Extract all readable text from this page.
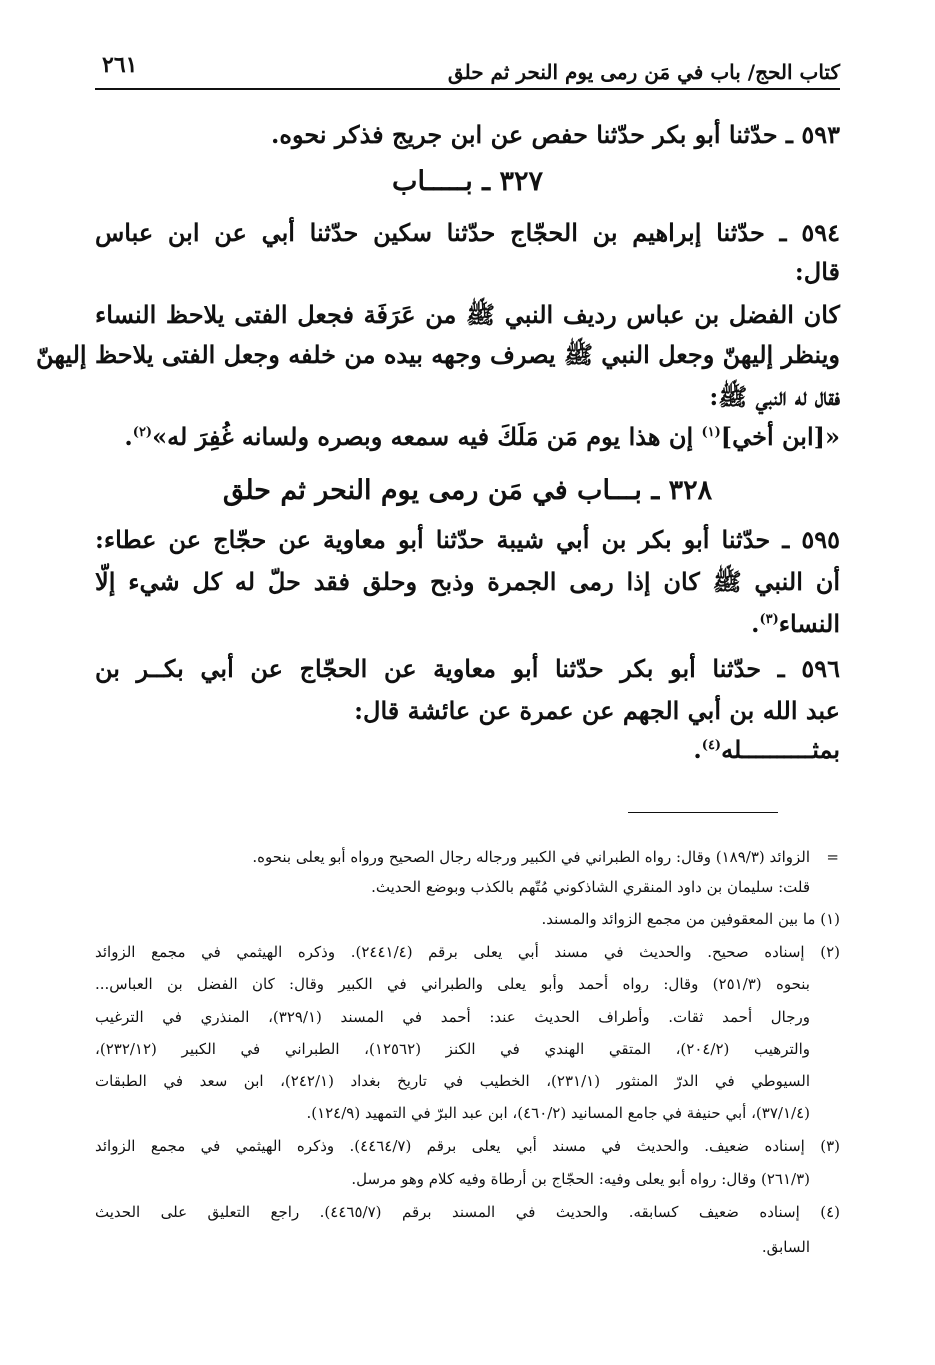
كتاب الحج/ باب في مَن رمى يوم النحر ثم حلق
٢٦١
٥٩٣ ـ حدّثنا أبو بكر حدّثنا حفص عن ابن جريج فذكر نحوه.
٣٢٧ ـ بـــــاب
٥٩٤ ـ حدّثنا إبراهيم بن الحجّاج حدّثنا سكين حدّثنا أبي عن ابن عباس
قال:
كان الفضل بن عباس رديف النبي ﷺ من عَرَفَة فجعل الفتى يلاحظ النساء
وينظر إليهنّ وجعل النبي ﷺ يصرف وجهه بيده من خلفه وجعل الفتى يلاحظ إليهنّ
فقال له النبي ﷺ:
«[ابن أخي]$^{(١)}$ إن هذا يوم مَن مَلَكَ فيه سمعه وبصره ولسانه غُفِرَ له»$^{(٢)}$.
٣٢٨ ـ بـــاب في مَن رمى يوم النحر ثم حلق
٥٩٥ ـ حدّثنا أبو بكر بن أبي شيبة حدّثنا أبو معاوية عن حجّاج عن عطاء:
أن النبي ﷺ كان إذا رمى الجمرة وذبح وحلق فقد حلّ له كل شيء إلّا
النساء$^{(٣)}$.
٥٩٦ ـ حدّثنا أبو بكر حدّثنا أبو معاوية عن الحجّاج عن أبي بكــر بن
عبد الله بن أبي الجهم عن عمرة عن عائشة قال:
بمثــــــــــله$^{(٤)}$.
=
الزوائد (١٨٩/٣) وقال: رواه الطبراني في الكبير ورجاله رجال الصحيح ورواه أبو يعلى بنحوه.
قلت: سليمان بن داود المنقري الشاذكوني مُتّهم بالكذب وبوضع الحديث.
(١) ما بين المعقوفين من مجمع الزوائد والمسند.
(٢) إسناده صحيح. والحديث في مسند أبي يعلى برقم (٢٤٤١/٤). وذكره الهيثمي في مجمع الزوائد
بنحوه (٢٥١/٣) وقال: رواه أحمد وأبو يعلى والطبراني في الكبير وقال: كان الفضل بن العباس...
ورجال أحمد ثقات. وأطراف الحديث عند: أحمد في المسند (٣٢٩/١)، المنذري في الترغيب
والترهيب (٢٠٤/٢)، المتقي الهندي في الكنز (١٢٥٦٢)، الطبراني في الكبير (٢٣٢/١٢)،
السيوطي في الدرّ المنثور (٢٣١/١)، الخطيب في تاريخ بغداد (٢٤٢/١)، ابن سعد في الطبقات
(٣٧/١/٤)، أبي حنيفة في جامع المسانيد (٤٦٠/٢)، ابن عبد البرّ في التمهيد (١٢٤/٩).
(٣) إسناده ضعيف. والحديث في مسند أبي يعلى برقم (٤٤٦٤/٧). وذكره الهيثمي في مجمع الزوائد
(٢٦١/٣) وقال: رواه أبو يعلى وفيه: الحجّاج بن أرطاة وفيه كلام وهو مرسل.
(٤) إسناده ضعيف كسابقه. والحديث في المسند برقم (٤٤٦٥/٧). راجع التعليق على الحديث
السابق.
